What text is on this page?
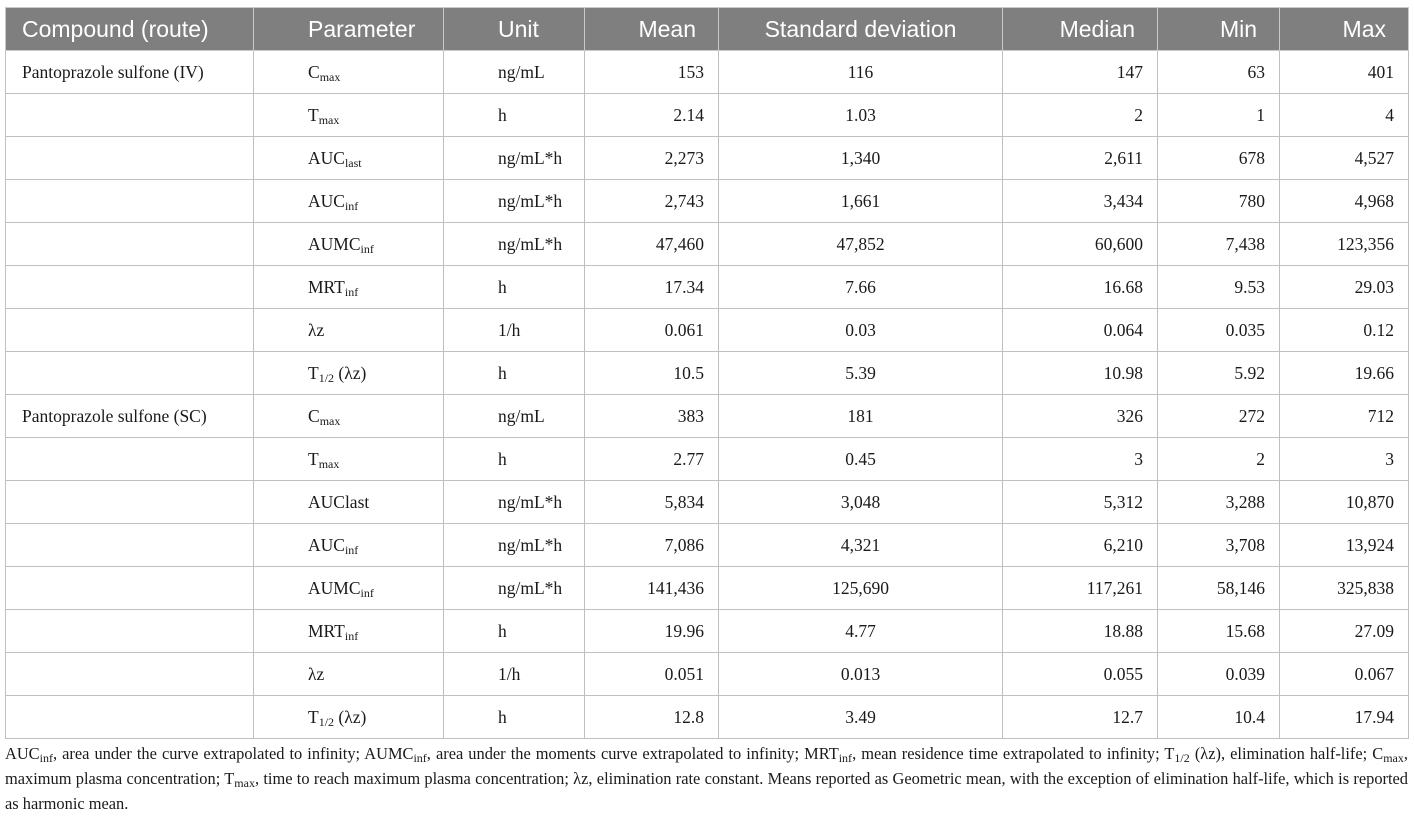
Compound (route)	Parameter	Unit	Mean	Standard deviation	Median	Min	Max
Pantoprazole sulfone (IV)	$C_{max}$	ng/mL	153	116	147	63	401
	$T_{max}$	h	2.14	1.03	2	1	4
	$AUC_{last}$	ng/mL*h	2,273	1,340	2,611	678	4,527
	$AUC_{inf}$	ng/mL*h	2,743	1,661	3,434	780	4,968
	$AUMC_{inf}$	ng/mL*h	47,460	47,852	60,600	7,438	123,356
	$MRT_{inf}$	h	17.34	7.66	16.68	9.53	29.03
	λz	1/h	0.061	0.03	0.064	0.035	0.12
	$T_{1/2}$ (λz)	h	10.5	5.39	10.98	5.92	19.66
Pantoprazole sulfone (SC)	$C_{max}$	ng/mL	383	181	326	272	712
	$T_{max}$	h	2.77	0.45	3	2	3
	AUClast	ng/mL*h	5,834	3,048	5,312	3,288	10,870
	$AUC_{inf}$	ng/mL*h	7,086	4,321	6,210	3,708	13,924
	$AUMC_{inf}$	ng/mL*h	141,436	125,690	117,261	58,146	325,838
	$MRT_{inf}$	h	19.96	4.77	18.88	15.68	27.09
	λz	1/h	0.051	0.013	0.055	0.039	0.067
	$T_{1/2}$ (λz)	h	12.8	3.49	12.7	10.4	17.94
$AUC_{inf}$, area under the curve extrapolated to infinity; $AUMC_{inf}$, area under the moments curve extrapolated to infinity; $MRT_{inf}$, mean residence time extrapolated to infinity; $T_{1/2}$ (λz), elimination half-life; $C_{max}$, maximum plasma concentration; $T_{max}$, time to reach maximum plasma concentration; λz, elimination rate constant. Means reported as Geometric mean, with the exception of elimination half-life, which is reported as harmonic mean.
